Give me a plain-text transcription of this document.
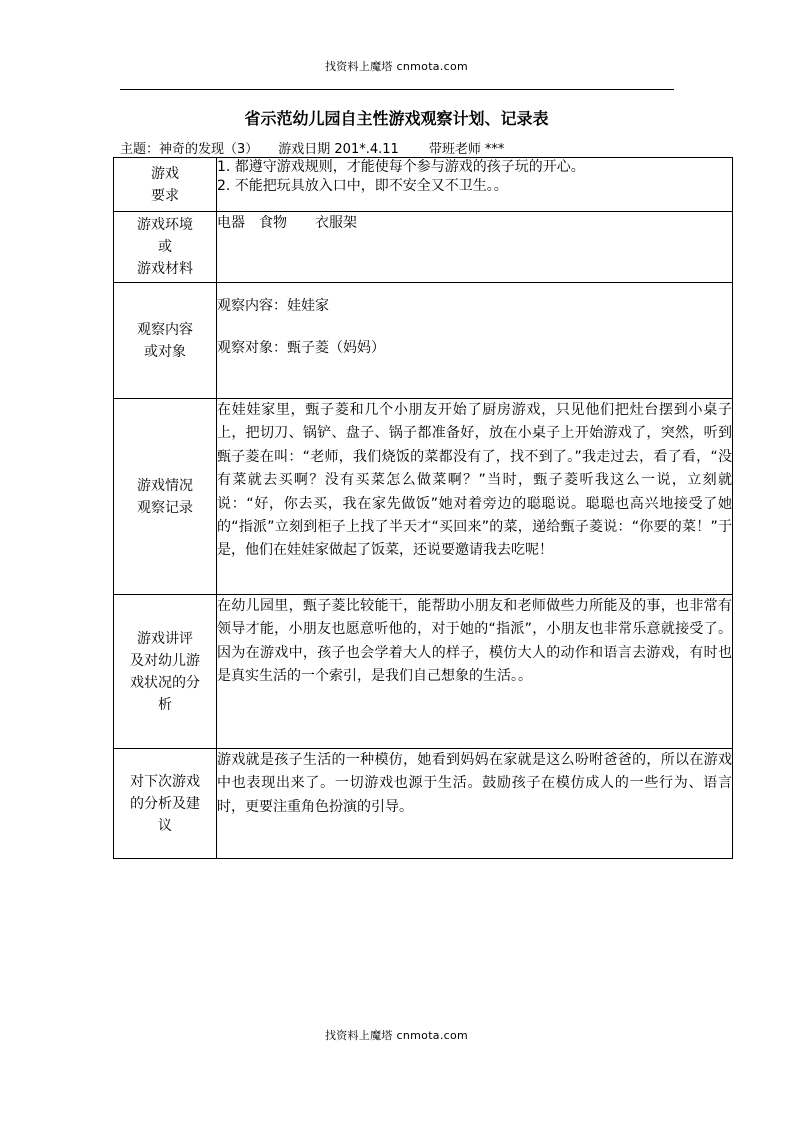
找资料上魔塔 cnmota.com
省示范幼儿园自主性游戏观察计划、记录表
主题：神奇的发现（3） 游戏日期 201*.4.11 带班老师 ***
游戏
要求	1. 都遵守游戏规则，才能使每个参与游戏的孩子玩的开心。
2. 不能把玩具放入口中，即不安全又不卫生。。

游戏环境
或
游戏材料	电器　食物　　衣服架

观察内容
或对象	观察内容：娃娃家
观察对象：甄子菱（妈妈）

游戏情况
观察记录	在娃娃家里，甄子菱和几个小朋友开始了厨房游戏，只见他们把灶台摆到小桌子上，把切刀、锅铲、盘子、锅子都准备好，放在小桌子上开始游戏了，突然，听到甄子菱在叫：“老师，我们烧饭的菜都没有了，找不到了。”我走过去，看了看，“没有菜就去买啊？没有买菜怎么做菜啊？”当时，甄子菱听我这么一说，立刻就说：“好，你去买，我在家先做饭”她对着旁边的聪聪说。聪聪也高兴地接受了她的“指派”立刻到柜子上找了半天才“买回来”的菜，递给甄子菱说：“你要的菜！”于是，他们在娃娃家做起了饭菜，还说要邀请我去吃呢！

游戏讲评
及对幼儿游
戏状况的分
析	在幼儿园里，甄子菱比较能干，能帮助小朋友和老师做些力所能及的事，也非常有领导才能，小朋友也愿意听他的，对于她的“指派”，小朋友也非常乐意就接受了。因为在游戏中，孩子也会学着大人的样子，模仿大人的动作和语言去游戏，有时也是真实生活的一个索引，是我们自己想象的生活。。

对下次游戏
的分析及建
议	游戏就是孩子生活的一种模仿，她看到妈妈在家就是这么吩咐爸爸的，所以在游戏中也表现出来了。一切游戏也源于生活。鼓励孩子在模仿成人的一些行为、语言时，更要注重角色扮演的引导。
找资料上魔塔 cnmota.com
